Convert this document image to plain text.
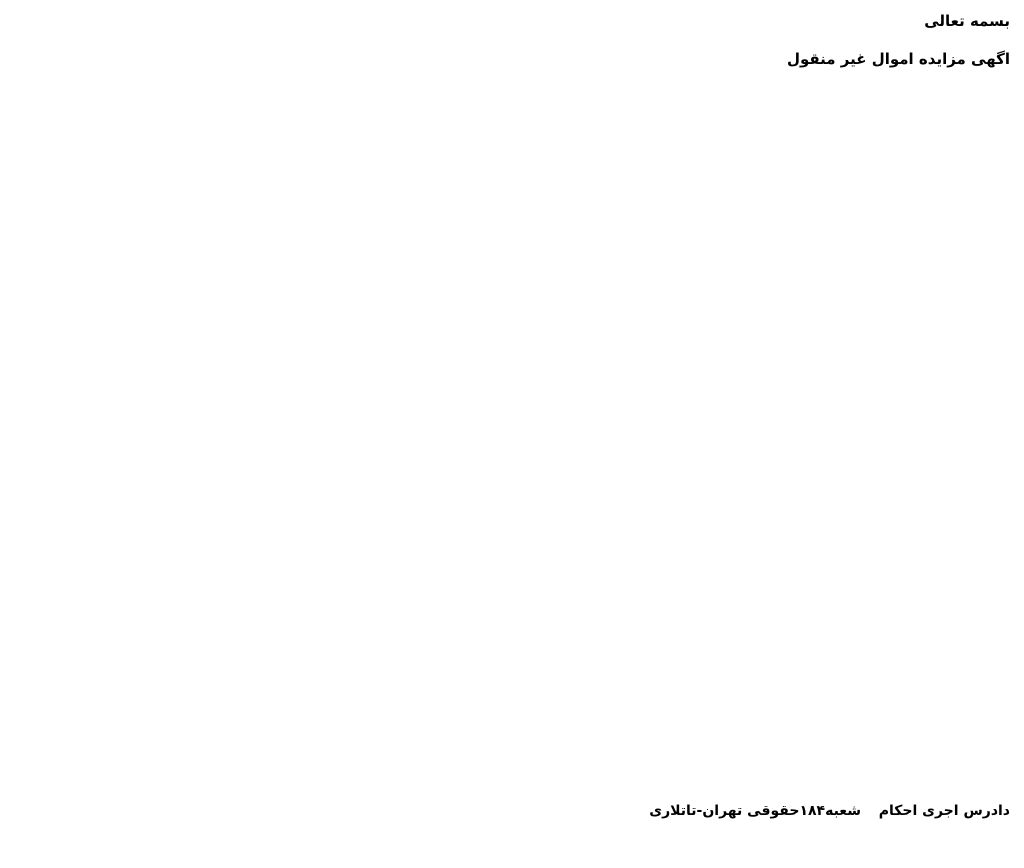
بسمه تعالی
اگهی مزایده اموال غیر منقول

دادرس اجری احکام  شعبه۱۸۴حقوقی تهران-تاتلاری
